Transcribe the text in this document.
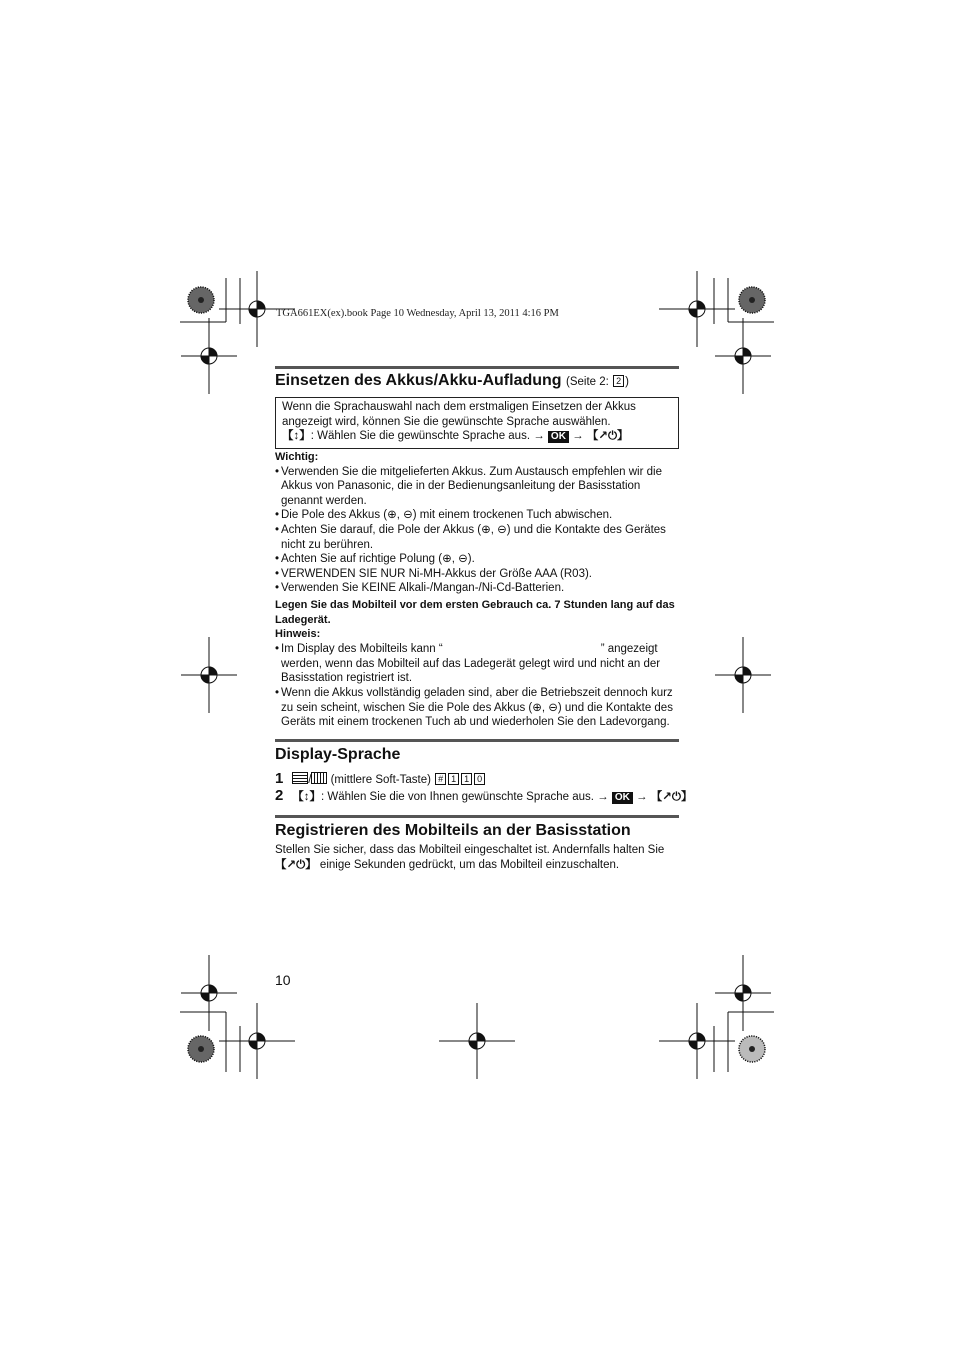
TGA661EX(ex).book Page 10 Wednesday, April 13, 2011 4:16 PM
Einsetzen des Akkus/Akku-Aufladung (Seite 2: 2 )

Wenn die Sprachauswahl nach dem erstmaligen Einsetzen der Akkus

angezeigt wird, können Sie die gewünschte Sprache auswählen.

【↕】: Wählen Sie die gewünschte Sprache aus. → OK → 【↗⏻】

Wichtig:

• Verwenden Sie die mitgelieferten Akkus. Zum Austausch empfehlen wir die Akkus von Panasonic, die in der Bedienungsanleitung der Basisstation genannt werden.
• Die Pole des Akkus (⊕, ⊖) mit einem trockenen Tuch abwischen.
• Achten Sie darauf, die Pole der Akkus (⊕, ⊖) und die Kontakte des Gerätes nicht zu berühren.
• Achten Sie auf richtige Polung (⊕, ⊖).
• VERWENDEN SIE NUR Ni-MH-Akkus der Größe AAA (R03).
• Verwenden Sie KEINE Alkali-/Mangan-/Ni-Cd-Batterien.

Legen Sie das Mobilteil vor dem ersten Gebrauch ca. 7 Stunden lang auf das Ladegerät.

Hinweis:

• Im Display des Mobilteils kann “	” angezeigt werden, wenn das Mobilteil auf das Ladegerät gelegt wird und nicht an der Basisstation registriert ist.
• Wenn die Akkus vollständig geladen sind, aber die Betriebszeit dennoch kurz zu sein scheint, wischen Sie die Pole des Akkus (⊕, ⊖) und die Kontakte des Geräts mit einem trockenen Tuch ab und wiederholen Sie den Ladevorgang.
Display-Sprache
1 / (mittlere Soft-Taste) # 1 1 0
2 【↕】: Wählen Sie die von Ihnen gewünschte Sprache aus. → OK → 【↗⏻】
Registrieren des Mobilteils an der Basisstation

Stellen Sie sicher, dass das Mobilteil eingeschaltet ist. Andernfalls halten Sie

【↗⏻】 einige Sekunden gedrückt, um das Mobilteil einzuschalten.

10
